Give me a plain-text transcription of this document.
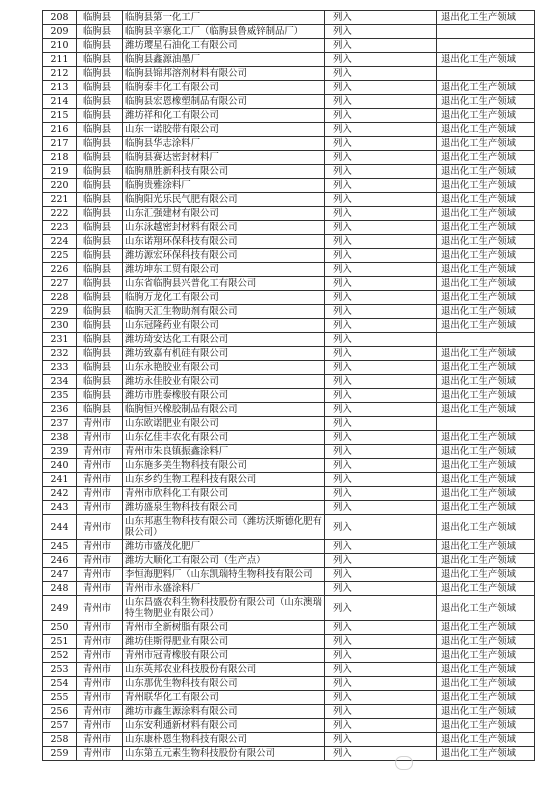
208	临朐县	临朐县第一化工厂	列入	退出化工生产领域
209	临朐县	临朐县辛寨化工厂（临朐县鲁威锌制品厂）	列入	
210	临朐县	潍坊璎星石油化工有限公司	列入	
211	临朐县	临朐县鑫源油墨厂	列入	退出化工生产领域
212	临朐县	临朐县锦邦溶剂材料有限公司	列入	
213	临朐县	临朐泰丰化工有限公司	列入	退出化工生产领域
214	临朐县	临朐县宏恩橡塑制品有限公司	列入	退出化工生产领域
215	临朐县	潍坊祥和化工有限公司	列入	退出化工生产领域
216	临朐县	山东一诺胶带有限公司	列入	退出化工生产领域
217	临朐县	临朐县华志涂料厂	列入	退出化工生产领域
218	临朐县	临朐县赛达密封材料厂	列入	退出化工生产领域
219	临朐县	临朐鼎胜新科技有限公司	列入	退出化工生产领域
220	临朐县	临朐贵雅涂料厂	列入	退出化工生产领域
221	临朐县	临朐阳光乐民气肥有限公司	列入	退出化工生产领域
222	临朐县	山东汇强建材有限公司	列入	退出化工生产领域
223	临朐县	山东泳越密封材料有限公司	列入	退出化工生产领域
224	临朐县	山东诺翔环保科技有限公司	列入	退出化工生产领域
225	临朐县	潍坊源宏环保科技有限公司	列入	退出化工生产领域
226	临朐县	潍坊坤东工贸有限公司	列入	退出化工生产领域
227	临朐县	山东省临朐县兴普化工有限公司	列入	退出化工生产领域
228	临朐县	临朐万龙化工有限公司	列入	退出化工生产领域
229	临朐县	临朐天汇生物助剂有限公司	列入	退出化工生产领域
230	临朐县	山东冠隆药业有限公司	列入	退出化工生产领域
231	临朐县	潍坊琦安达化工有限公司	列入	
232	临朐县	潍坊致嘉有机硅有限公司	列入	退出化工生产领域
233	临朐县	山东永艳胶业有限公司	列入	退出化工生产领域
234	临朐县	潍坊永佳胶业有限公司	列入	退出化工生产领域
235	临朐县	潍坊市胜泰橡胶有限公司	列入	退出化工生产领域
236	临朐县	临朐恒兴橡胶制品有限公司	列入	退出化工生产领域
237	青州市	山东欧诺肥业有限公司	列入	
238	青州市	山东亿佳丰农化有限公司	列入	退出化工生产领域
239	青州市	青州市朱良镇振鑫涂料厂	列入	退出化工生产领域
240	青州市	山东施多美生物科技有限公司	列入	退出化工生产领域
241	青州市	山东乡约生物工程科技有限公司	列入	退出化工生产领域
242	青州市	青州市欣科化工有限公司	列入	退出化工生产领域
243	青州市	潍坊盛泉生物科技有限公司	列入	退出化工生产领域
244	青州市	山东邦惠生物科技有限公司（潍坊沃斯德化肥有限公司）	列入	退出化工生产领域
245	青州市	潍坊市盛茂化肥厂	列入	退出化工生产领域
246	青州市	潍坊大顺化工有限公司（生产点）	列入	退出化工生产领域
247	青州市	李恒海肥料厂（山东凯瑞特生物科技有限公司	列入	退出化工生产领域
248	青州市	青州市永盛涂料厂	列入	退出化工生产领域
249	青州市	山东昌盛农科生物科技股份有限公司（山东澳瑞特生物肥业有限公司）	列入	退出化工生产领域
250	青州市	青州市全新树脂有限公司	列入	退出化工生产领域
251	青州市	潍坊佳斯得肥业有限公司	列入	退出化工生产领域
252	青州市	青州市冠青橡胶有限公司	列入	退出化工生产领域
253	青州市	山东英邦农业科技股份有限公司	列入	退出化工生产领域
254	青州市	山东那优生物科技有限公司	列入	退出化工生产领域
255	青州市	青州联华化工有限公司	列入	退出化工生产领域
256	青州市	潍坊市鑫生源涂料有限公司	列入	退出化工生产领域
257	青州市	山东安利通新材料有限公司	列入	退出化工生产领域
258	青州市	山东康朴恩生物科技有限公司	列入	退出化工生产领域
259	青州市	山东第五元素生物科技股份有限公司	列入	退出化工生产领域
